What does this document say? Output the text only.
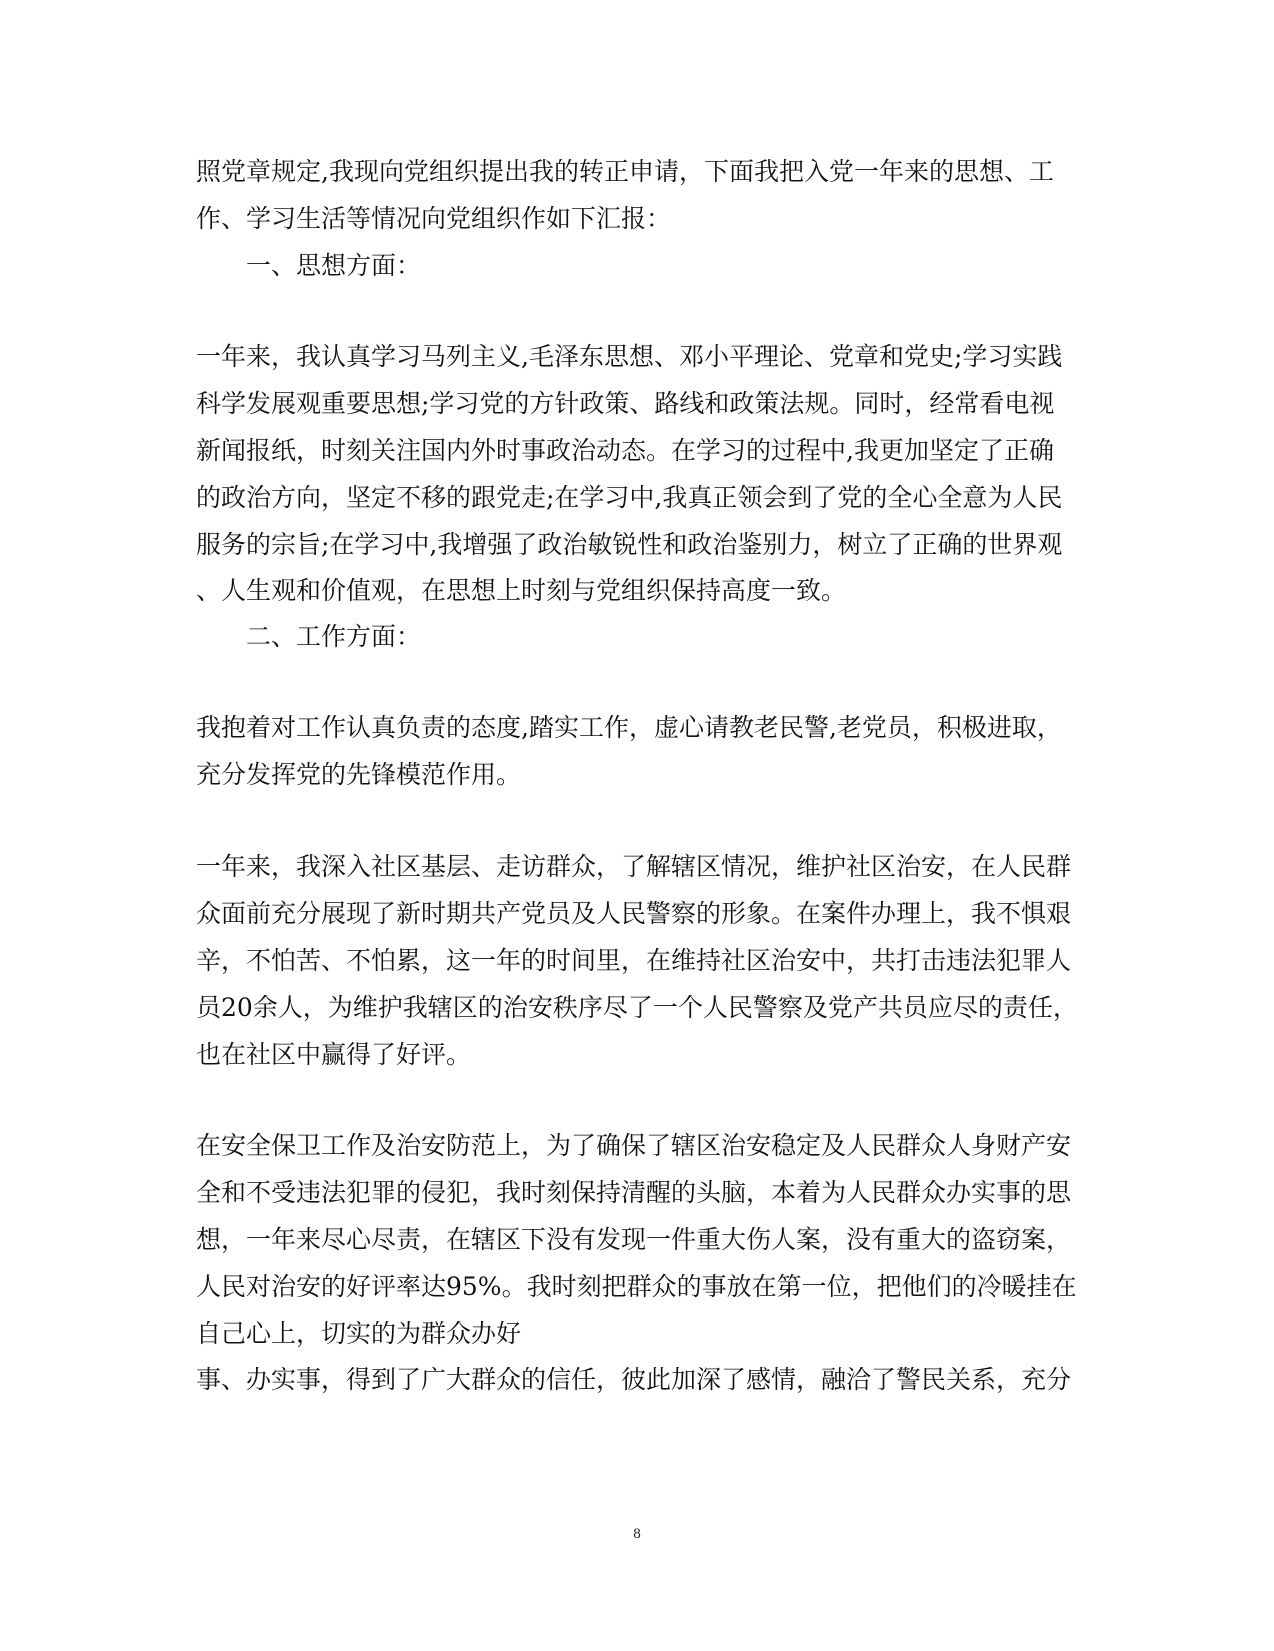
照党章规定,我现向党组织提出我的转正申请，下面我把入党一年来的思想、工
作、学习生活等情况向党组织作如下汇报：
一、思想方面：
一年来，我认真学习马列主义,毛泽东思想、邓小平理论、党章和党史;学习实践
科学发展观重要思想;学习党的方针政策、路线和政策法规。同时，经常看电视
新闻报纸，时刻关注国内外时事政治动态。在学习的过程中,我更加坚定了正确
的政治方向，坚定不移的跟党走;在学习中,我真正领会到了党的全心全意为人民
服务的宗旨;在学习中,我增强了政治敏锐性和政治鉴别力，树立了正确的世界观
、人生观和价值观，在思想上时刻与党组织保持高度一致。
二、工作方面：
我抱着对工作认真负责的态度,踏实工作，虚心请教老民警,老党员，积极进取，
充分发挥党的先锋模范作用。
一年来，我深入社区基层、走访群众，了解辖区情况，维护社区治安，在人民群
众面前充分展现了新时期共产党员及人民警察的形象。在案件办理上，我不惧艰
辛，不怕苦、不怕累，这一年的时间里，在维持社区治安中，共打击违法犯罪人
员20余人，为维护我辖区的治安秩序尽了一个人民警察及党产共员应尽的责任，
也在社区中赢得了好评。
在安全保卫工作及治安防范上，为了确保了辖区治安稳定及人民群众人身财产安
全和不受违法犯罪的侵犯，我时刻保持清醒的头脑，本着为人民群众办实事的思
想，一年来尽心尽责，在辖区下没有发现一件重大伤人案，没有重大的盗窃案，
人民对治安的好评率达95%。我时刻把群众的事放在第一位，把他们的冷暖挂在
自己心上，切实的为群众办好
事、办实事，得到了广大群众的信任，彼此加深了感情，融洽了警民关系，充分
8
